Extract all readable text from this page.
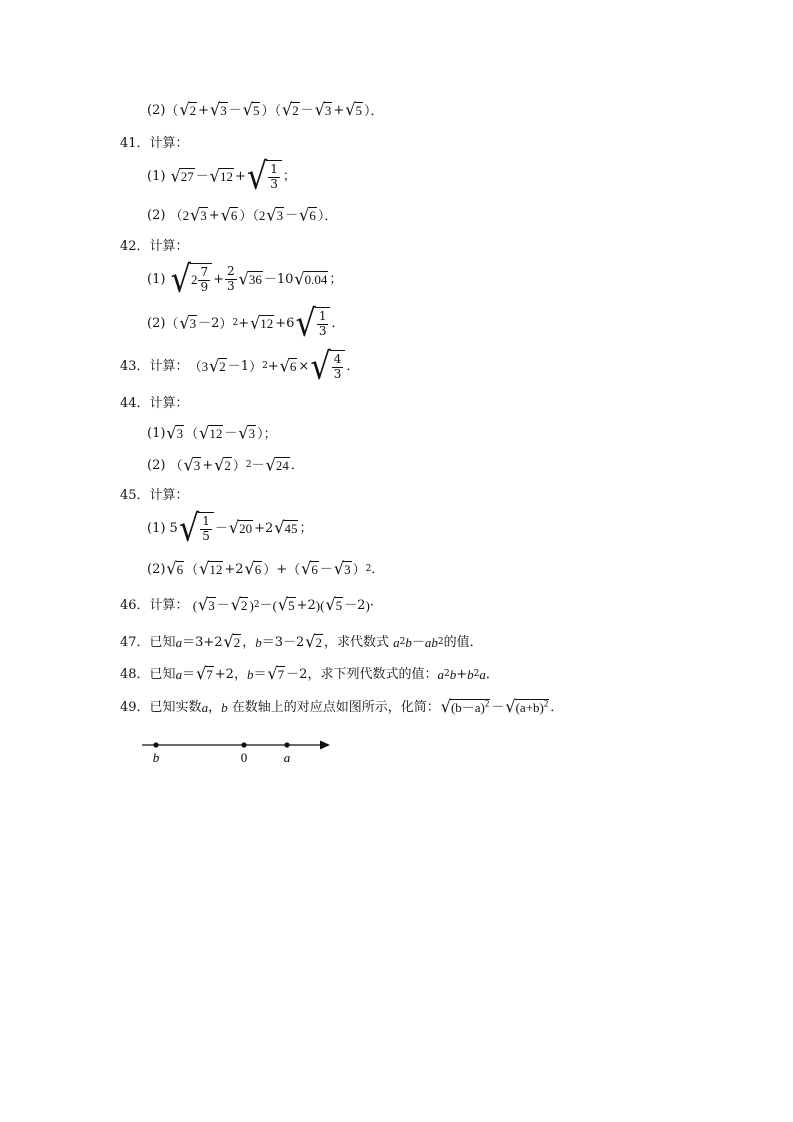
(2) （ √ 2 + √ 3 － √ 5 ）（ √ 2 － √ 3 + √ 5 ）．
41．计算：
(1)
√ 27 － √ 12 + √ $\frac{1}{3}$ ；
(2)
（2 √ 3 + √ 6 ）（2 √ 3 － √ 6 ）．
42．计算：
(1)
√ $2 \frac{7}{9} + \frac{2}{3}$ √ 36 －10 √ 0.04 ；
(2) （ √ 3 －2 ） 2 + √ 12 +6 √ $\frac{1}{3}$ ．
43． 计算： （3 √ 2 －1 ） 2 + √ 6 × √ $\frac{4}{3}$ ．
44．计算：
(1) √ 3 （ √ 12 － √ 3 ）；
(2)
（ √ 3 + √ 2 ） 2 － √ 24 ．
45．计算：
(1) 5 √ $\frac{1}{5}$ － √ 20 +2 √ 45 ；
(2) √ 6 （ √ 12 +2 √ 6 ） + （ √ 6 － √ 3 ） 2 ．
46． 计算：
( √ 3 － √ 2 ) 2 － ( √ 5 +2 )( √ 5 －2 ) ·
47． 已知 a ＝3+2 √ 2 ， b ＝3－2 √ 2 ，求代数式
a 2 b － ab 2 的值．
48． 已知 a ＝ √ 7 +2， b ＝ √ 7 －2 ，求下列代数式的值： a 2 b + b 2 a ．
49． 已知实数 a ， b
在数轴上的对应点如图所示，化简： √ $(b-a)^2$ － √ $(a+b)^2$ ．
b	0	a
